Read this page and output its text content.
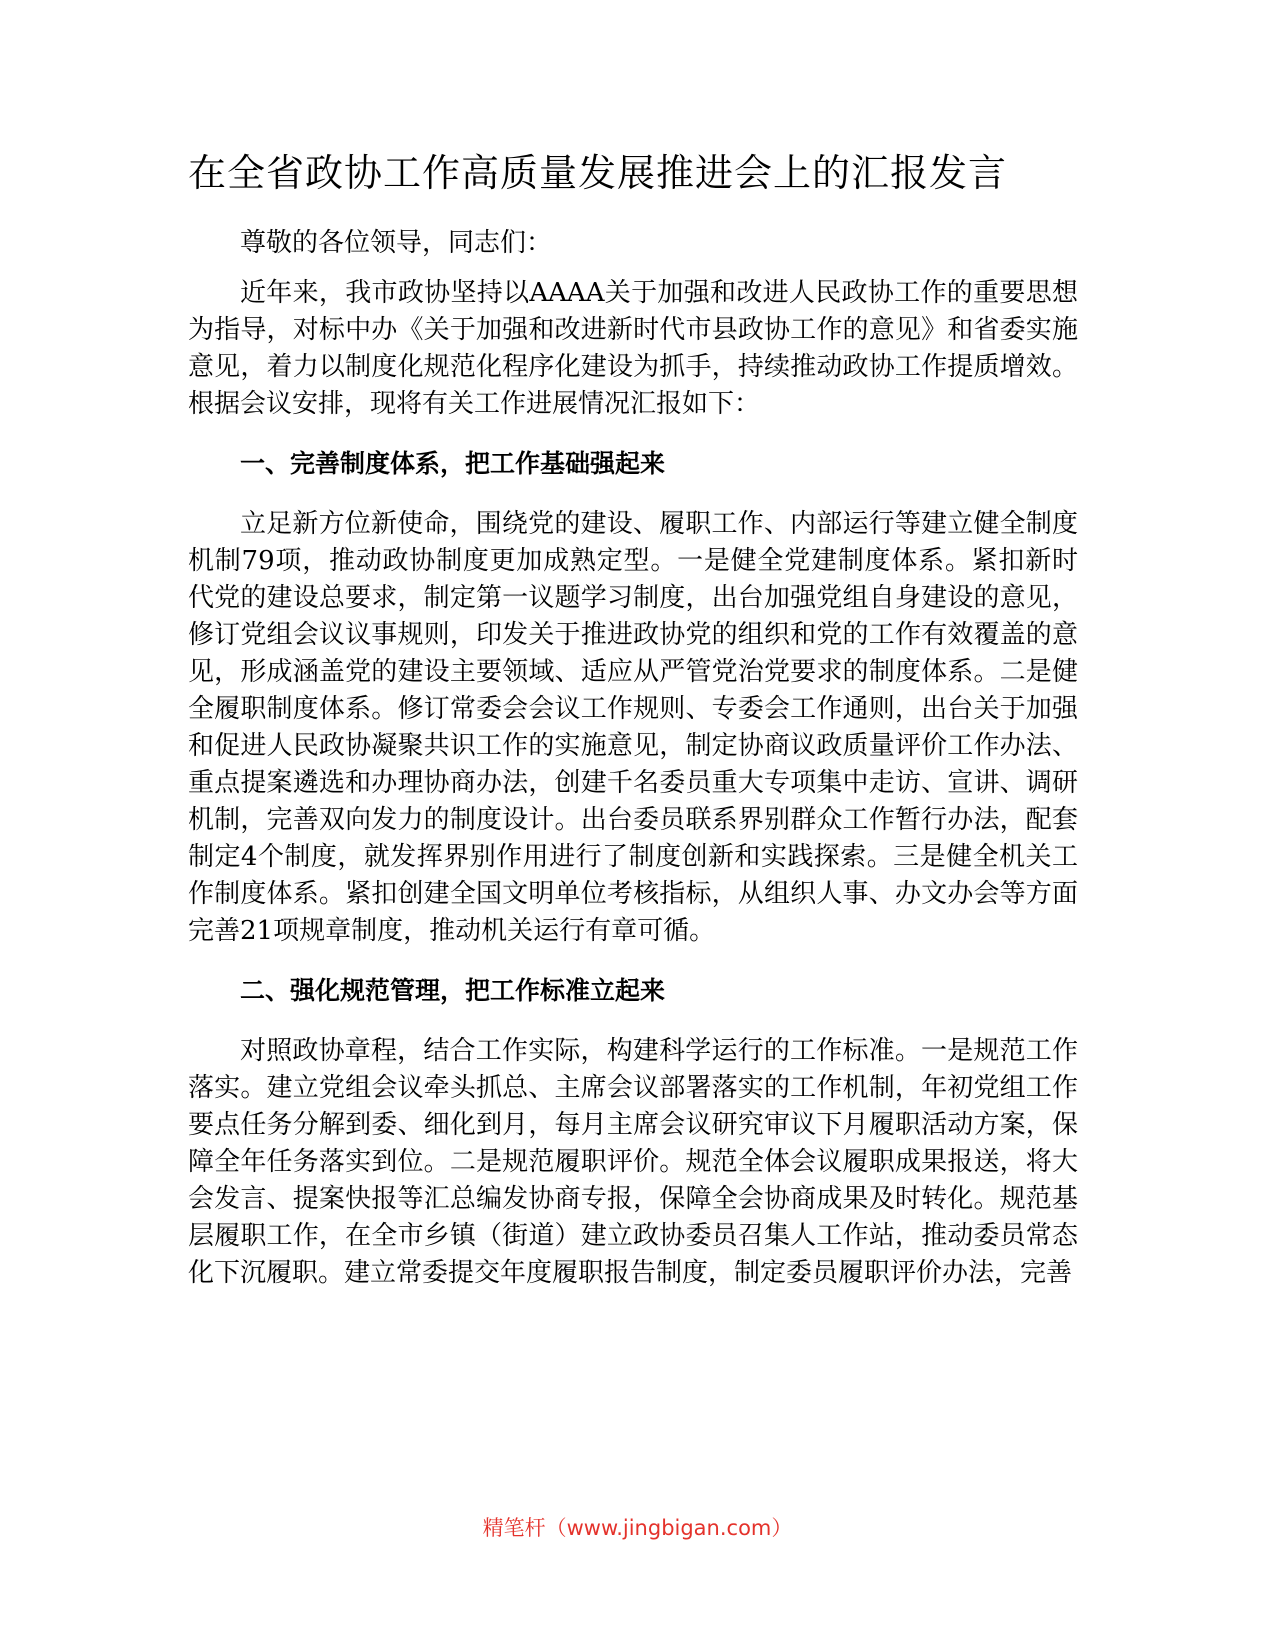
在全省政协工作高质量发展推进会上的汇报发言

尊敬的各位领导，同志们：

近年来，我市政协坚持以AAAA关于加强和改进人民政协工作的重要思想为指导，对标中办《关于加强和改进新时代市县政协工作的意见》和省委实施意见，着力以制度化规范化程序化建设为抓手，持续推动政协工作提质增效。根据会议安排，现将有关工作进展情况汇报如下：

一、完善制度体系，把工作基础强起来

立足新方位新使命，围绕党的建设、履职工作、内部运行等建立健全制度机制79项，推动政协制度更加成熟定型。一是健全党建制度体系。紧扣新时代党的建设总要求，制定第一议题学习制度，出台加强党组自身建设的意见，修订党组会议议事规则，印发关于推进政协党的组织和党的工作有效覆盖的意见，形成涵盖党的建设主要领域、适应从严管党治党要求的制度体系。二是健全履职制度体系。修订常委会会议工作规则、专委会工作通则，出台关于加强和促进人民政协凝聚共识工作的实施意见，制定协商议政质量评价工作办法、重点提案遴选和办理协商办法，创建千名委员重大专项集中走访、宣讲、调研机制，完善双向发力的制度设计。出台委员联系界别群众工作暂行办法，配套制定4个制度，就发挥界别作用进行了制度创新和实践探索。三是健全机关工作制度体系。紧扣创建全国文明单位考核指标，从组织人事、办文办会等方面完善21项规章制度，推动机关运行有章可循。

二、强化规范管理，把工作标准立起来

对照政协章程，结合工作实际，构建科学运行的工作标准。一是规范工作落实。建立党组会议牵头抓总、主席会议部署落实的工作机制，年初党组工作要点任务分解到委、细化到月，每月主席会议研究审议下月履职活动方案，保障全年任务落实到位。二是规范履职评价。规范全体会议履职成果报送，将大会发言、提案快报等汇总编发协商专报，保障全会协商成果及时转化。规范基层履职工作，在全市乡镇（街道）建立政协委员召集人工作站，推动委员常态化下沉履职。建立常委提交年度履职报告制度，制定委员履职评价办法，完善

精笔杆（www.jingbigan.com）
